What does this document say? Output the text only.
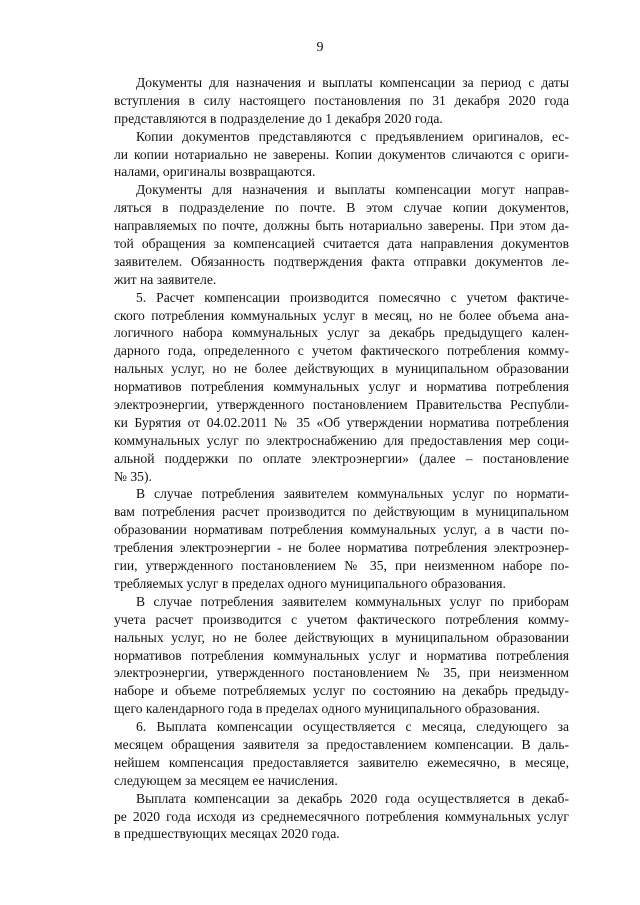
9
Документы для назначения и выплаты компенсации за период с даты
вступления в силу настоящего постановления по 31 декабря 2020 года
представляются в подразделение до 1 декабря 2020 года.
Копии документов представляются с предъявлением оригиналов, ес-
ли копии нотариально не заверены. Копии документов сличаются с ориги-
налами, оригиналы возвращаются.
Документы для назначения и выплаты компенсации могут направ-
ляться в подразделение по почте. В этом случае копии документов,
направляемых по почте, должны быть нотариально заверены. При этом да-
той обращения за компенсацией считается дата направления документов
заявителем. Обязанность подтверждения факта отправки документов ле-
жит на заявителе.
5. Расчет компенсации производится помесячно с учетом фактиче-
ского потребления коммунальных услуг в месяц, но не более объема ана-
логичного набора коммунальных услуг за декабрь предыдущего кален-
дарного года, определенного с учетом фактического потребления комму-
нальных услуг, но не более действующих в муниципальном образовании
нормативов потребления коммунальных услуг и норматива потребления
электроэнергии, утвержденного постановлением Правительства Республи-
ки Бурятия от 04.02.2011 № 35 «Об утверждении норматива потребления
коммунальных услуг по электроснабжению для предоставления мер соци-
альной поддержки по оплате электроэнергии» (далее – постановление
№ 35).
В случае потребления заявителем коммунальных услуг по нормати-
вам потребления расчет производится по действующим в муниципальном
образовании нормативам потребления коммунальных услуг, а в части по-
требления электроэнергии - не более норматива потребления электроэнер-
гии, утвержденного постановлением № 35, при неизменном наборе по-
требляемых услуг в пределах одного муниципального образования.
В случае потребления заявителем коммунальных услуг по приборам
учета расчет производится с учетом фактического потребления комму-
нальных услуг, но не более действующих в муниципальном образовании
нормативов потребления коммунальных услуг и норматива потребления
электроэнергии, утвержденного постановлением № 35, при неизменном
наборе и объеме потребляемых услуг по состоянию на декабрь предыду-
щего календарного года в пределах одного муниципального образования.
6. Выплата компенсации осуществляется с месяца, следующего за
месяцем обращения заявителя за предоставлением компенсации. В даль-
нейшем компенсация предоставляется заявителю ежемесячно, в месяце,
следующем за месяцем ее начисления.
Выплата компенсации за декабрь 2020 года осуществляется в декаб-
ре 2020 года исходя из среднемесячного потребления коммунальных услуг
в предшествующих месяцах 2020 года.
